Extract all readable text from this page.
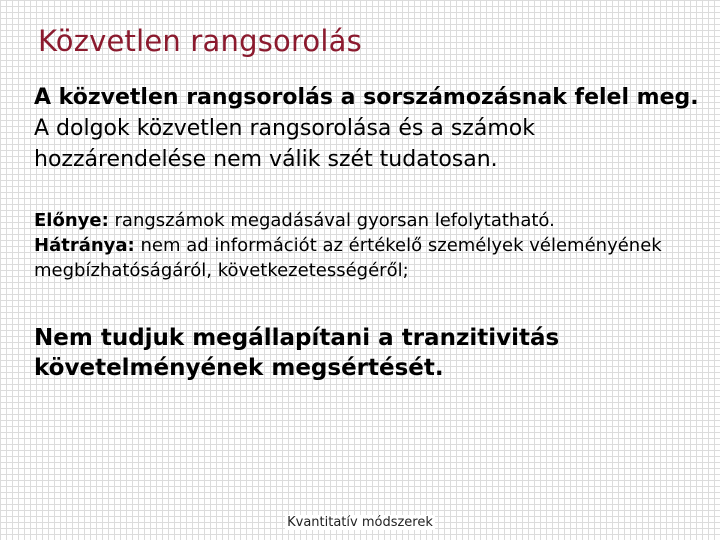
Közvetlen rangsorolás

A közvetlen rangsorolás a sorszámozásnak felel meg.

A dolgok közvetlen rangsorolása és a számok hozzárendelése nem válik szét tudatosan.

Előnye: rangszámok megadásával gyorsan lefolytatható.

Hátránya: nem ad információt az értékelő személyek véleményének megbízhatóságáról, következetességéről;

Nem tudjuk megállapítani a tranzitivitás követelményének megsértését.

Kvantitatív módszerek
